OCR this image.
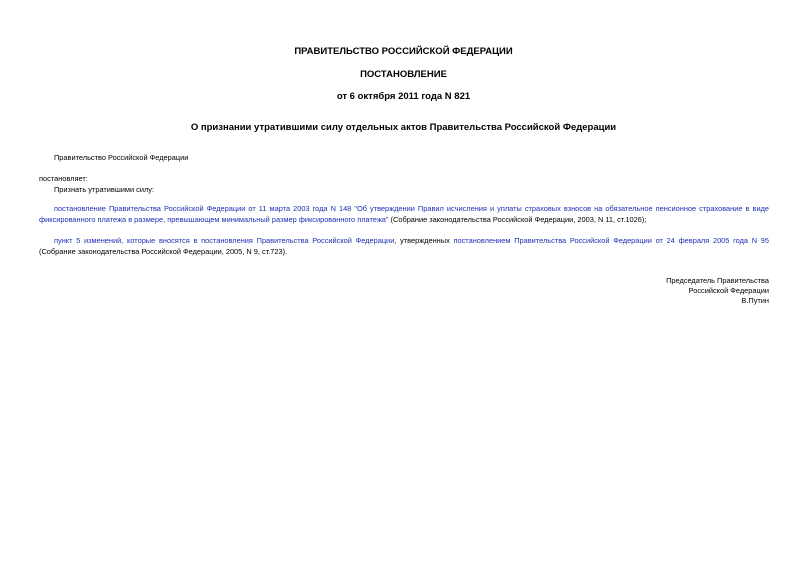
ПРАВИТЕЛЬСТВО РОССИЙСКОЙ ФЕДЕРАЦИИ
ПОСТАНОВЛЕНИЕ
от 6 октября 2011 года N 821
О признании утратившими силу отдельных актов Правительства Российской Федерации
Правительство Российской Федерации
постановляет:
Признать утратившими силу:
постановление Правительства Российской Федерации от 11 марта 2003 года N 148 "Об утверждении Правил исчисления и уплаты страховых взносов на обязательное пенсионное страхование в виде фиксированного платежа в размере, превышающем минимальный размер фиксированного платежа" (Собрание законодательства Российской Федерации, 2003, N 11, ст.1026);
пункт 5 изменений, которые вносятся в постановления Правительства Российской Федерации, утвержденных постановлением Правительства Российской Федерации от 24 февраля 2005 года N 95 (Собрание законодательства Российской Федерации, 2005, N 9, ст.723).
Председатель Правительства
Российской Федерации
В.Путин
